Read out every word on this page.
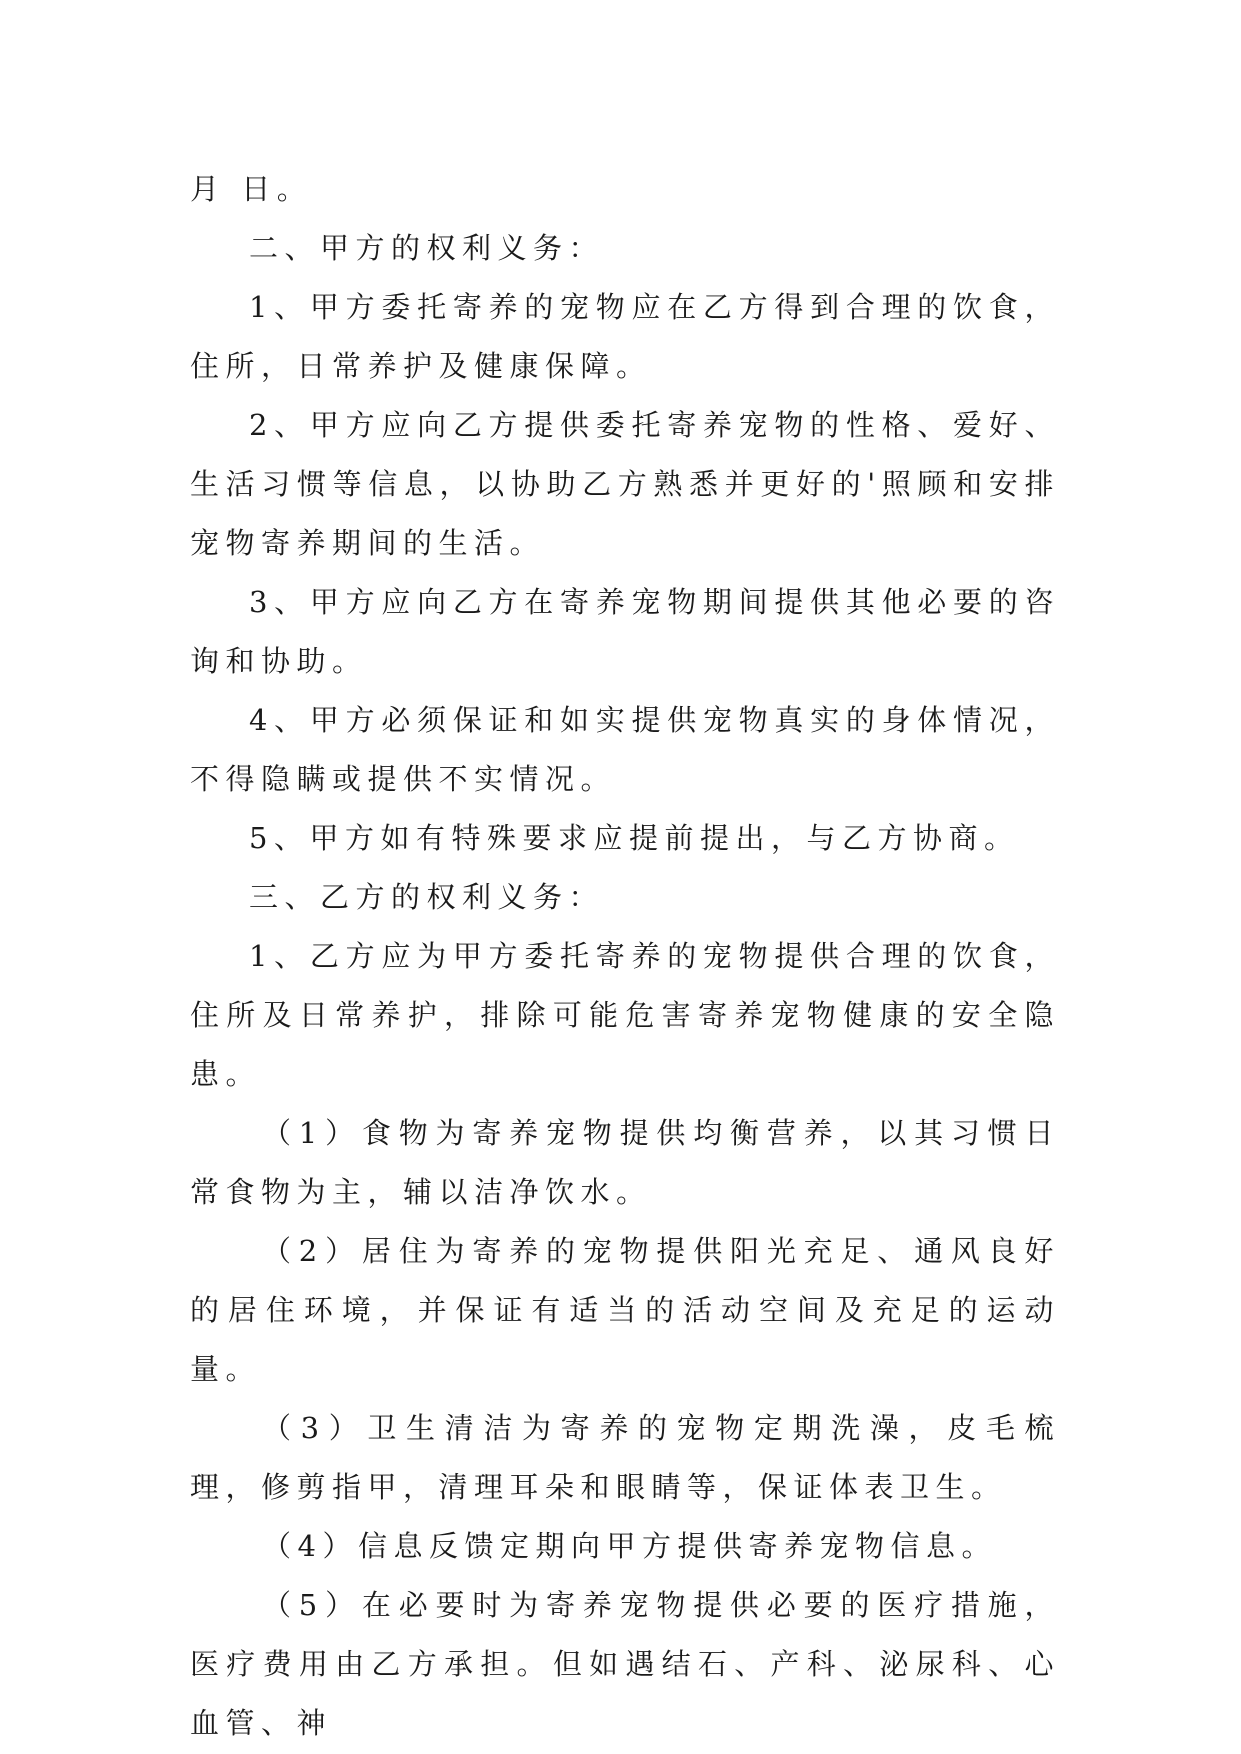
月 日。

二、甲方的权利义务：

1、甲方委托寄养的宠物应在乙方得到合理的饮食，住所，日常养护及健康保障。

2、甲方应向乙方提供委托寄养宠物的性格、爱好、生活习惯等信息，以协助乙方熟悉并更好的'照顾和安排宠物寄养期间的生活。

3、甲方应向乙方在寄养宠物期间提供其他必要的咨询和协助。

4、甲方必须保证和如实提供宠物真实的身体情况，不得隐瞒或提供不实情况。

5、甲方如有特殊要求应提前提出，与乙方协商。

三、乙方的权利义务：

1、乙方应为甲方委托寄养的宠物提供合理的饮食，住所及日常养护，排除可能危害寄养宠物健康的安全隐患。

（1）食物为寄养宠物提供均衡营养，以其习惯日常食物为主，辅以洁净饮水。

（2）居住为寄养的宠物提供阳光充足、通风良好的居住环境，并保证有适当的活动空间及充足的运动量。

（3）卫生清洁为寄养的宠物定期洗澡，皮毛梳理，修剪指甲，清理耳朵和眼睛等，保证体表卫生。

（4）信息反馈定期向甲方提供寄养宠物信息。

（5）在必要时为寄养宠物提供必要的医疗措施，医疗费用由乙方承担。但如遇结石、产科、泌尿科、心血管、神
